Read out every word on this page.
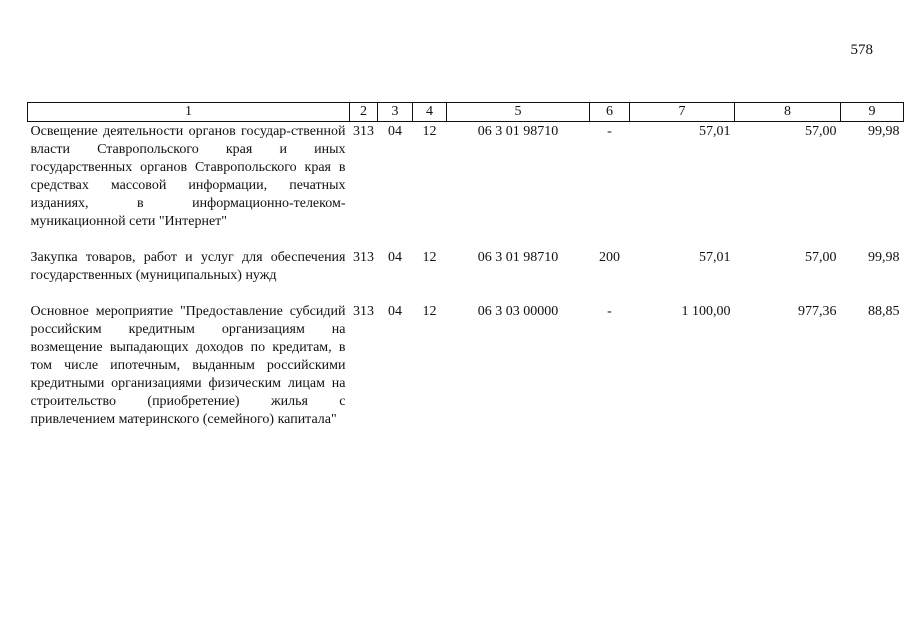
578
1	2	3	4	5	6	7	8	9
Освещение деятельности органов государ-ственной власти Ставропольского края и иных государственных органов Ставропольского края в средствах массовой информации, печатных изданиях, в информационно-телеком-муникационной сети "Интернет"	313	04	12	06 3 01 98710	-	57,01	57,00	99,98

Закупка товаров, работ и услуг для обеспечения государственных (муниципальных) нужд	313	04	12	06 3 01 98710	200	57,01	57,00	99,98

Основное мероприятие "Предоставление субсидий российским кредитным организациям на возмещение выпадающих доходов по кредитам, в том числе ипотечным, выданным российскими кредитными организациями физическим лицам на строительство (приобретение) жилья с привлечением материнского (семейного) капитала"	313	04	12	06 3 03 00000	-	1 100,00	977,36	88,85
